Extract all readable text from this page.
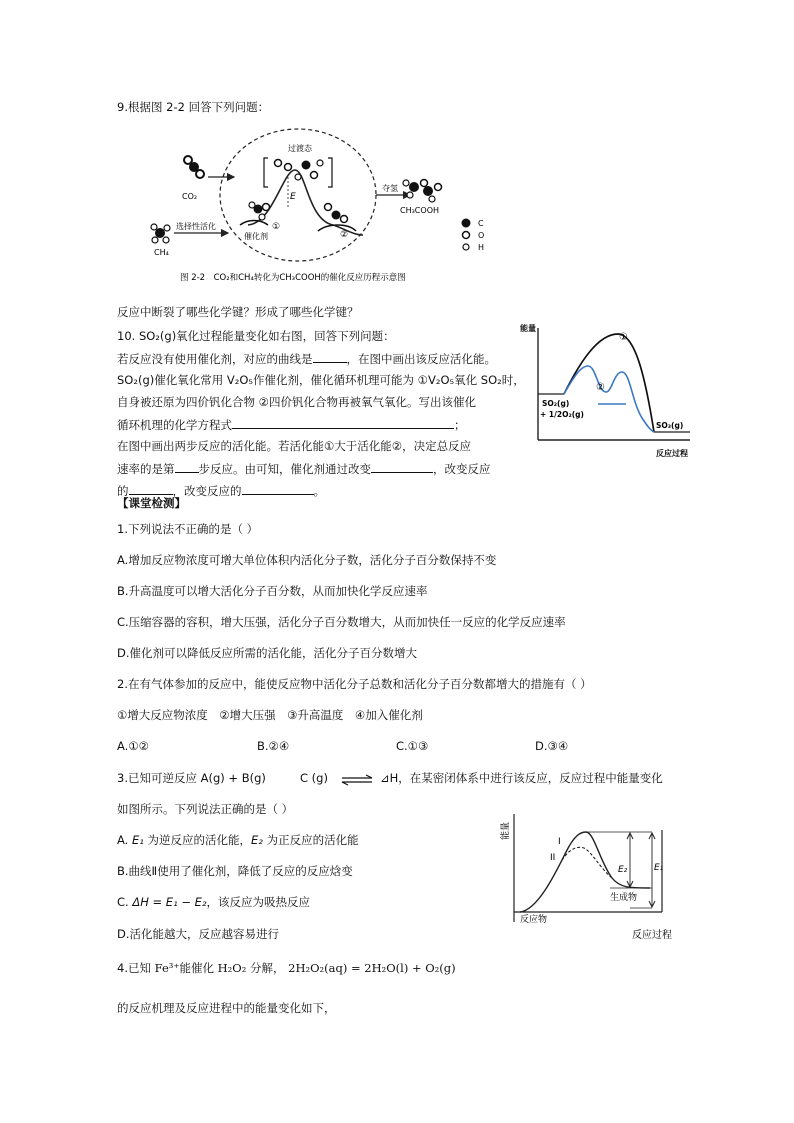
9.根据图 2-2 回答下列问题：

CO₂
CH₄
选择性活化
过渡态
E
催化剂
①
②
夺氢
CH₃COOH
C
O
H
图 2-2　CO₂和CH₄转化为CH₃COOH的催化反应历程示意图

反应中断裂了哪些化学键？形成了哪些化学键？

10. SO₂(g)氧化过程能量变化如右图，回答下列问题：

若反应没有使用催化剂，对应的曲线是	，在图中画出该反应活化能。

SO₂(g)催化氧化常用 V₂O₅作催化剂，催化循环机理可能为 ①V₂O₅氧化 SO₂时，

自身被还原为四价钒化合物 ②四价钒化合物再被氧气氧化。写出该催化

循环机理的化学方程式	；

在图中画出两步反应的活化能。若活化能①大于活化能②，决定总反应

速率的是第 步反应。由可知，催化剂通过改变	，改变反应

的	，改变反应的	。

能量
反应过程
SO₂(g)
+ 1/2O₂(g)
SO₃(g)
①
②

【课堂检测】

1.下列说法不正确的是（ ）

A.增加反应物浓度可增大单位体积内活化分子数，活化分子百分数保持不变

B.升高温度可以增大活化分子百分数，从而加快化学反应速率

C.压缩容器的容积，增大压强，活化分子百分数增大，从而加快任一反应的化学反应速率

D.催化剂可以降低反应所需的活化能，活化分子百分数增大

2.在有气体参加的反应中，能使反应物中活化分子总数和活化分子百分数都增大的措施有（ ）

①增大反应物浓度　②增大压强　③升高温度　④加入催化剂

A.①②	B.②④	C.①③	D.③④

3.已知可逆反应 A(g) + B(g)	C (g) ⇌ ⊿H，在某密闭体系中进行该反应，反应过程中能量变化

如图所示。下列说法正确的是（ ）

A. E₁ 为逆反应的活化能，E₂ 为正反应的活化能

B.曲线Ⅱ使用了催化剂，降低了反应的反应焓变

C. ΔH = E₁ − E₂，该反应为吸热反应

D.活化能越大，反应越容易进行

能量
I
II
E₂	E₁
生成物
反应物
反应过程

4.已知 Fe³⁺能催化 H₂O₂ 分解， 2H₂O₂(aq) = 2H₂O(l) + O₂(g)

的反应机理及反应进程中的能量变化如下，
